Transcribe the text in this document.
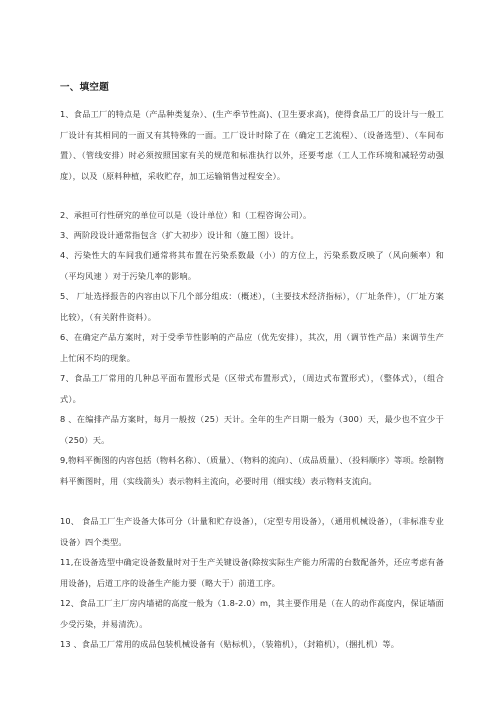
一、填空题

1、食品工厂的特点是（产品种类复杂）、(生产季节性高)、(卫生要求高)，使得食品工厂的设计与一般工厂设计有其相同的一面又有其特殊的一面。工厂设计时除了在（确定工艺流程）、（设备选型）、（车间布置）、（管线安排）时必须按照国家有关的规范和标准执行以外，还要考虑（工人工作环境和减轻劳动强度），以及（原料种植，采收贮存，加工运输销售过程安全）。

2、承担可行性研究的单位可以是（设计单位）和（工程咨询公司）。

3、两阶段设计通常指包含（扩大初步）设计和（施工图）设计。

4、污染性大的车间我们通常将其布置在污染系数最（小）的方位上，污染系数反映了（风向频率）和（平均风速 ）对于污染几率的影响。

5、 厂址选择报告的内容由以下几个部分组成：（概述），（主要技术经济指标），（厂址条件），（厂址方案比较），（有关附件资料）。

6、在确定产品方案时，对于受季节性影响的产品应（优先安排），其次，用（调节性产品）来调节生产上忙闲不均的现象。

7、食品工厂常用的几种总平面布置形式是（区带式布置形式），（周边式布置形式），（整体式），（组合式）。

8 、在编排产品方案时，每月一般按（25）天计。全年的生产日期一般为（300）天，最少也不宜少于（250）天。

9,物料平衡图的内容包括（物料名称）、（质量）、（物料的流向）、（成品质量）、（投料顺序）等项。绘制物料平衡图时，用（实线箭头）表示物料主流向，必要时用（细实线）表示物料支流向。

10、 食品工厂生产设备大体可分（计量和贮存设备），（定型专用设备），（通用机械设备），（非标准专业设备）四个类型。

11,在设备选型中确定设备数量时对于生产关键设备(除按实际生产能力所需的台数配备外，还应考虑有备用设备)，后道工序的设备生产能力要（略大于）前道工序。

12、食品工厂主厂房内墙裙的高度一般为（1.8-2.0）m，其主要作用是（在人的动作高度内，保证墙面少受污染，并易清洗）。

13 、食品工厂常用的成品包装机械设备有（贴标机），（装箱机），（封箱机），（捆扎机）等。
